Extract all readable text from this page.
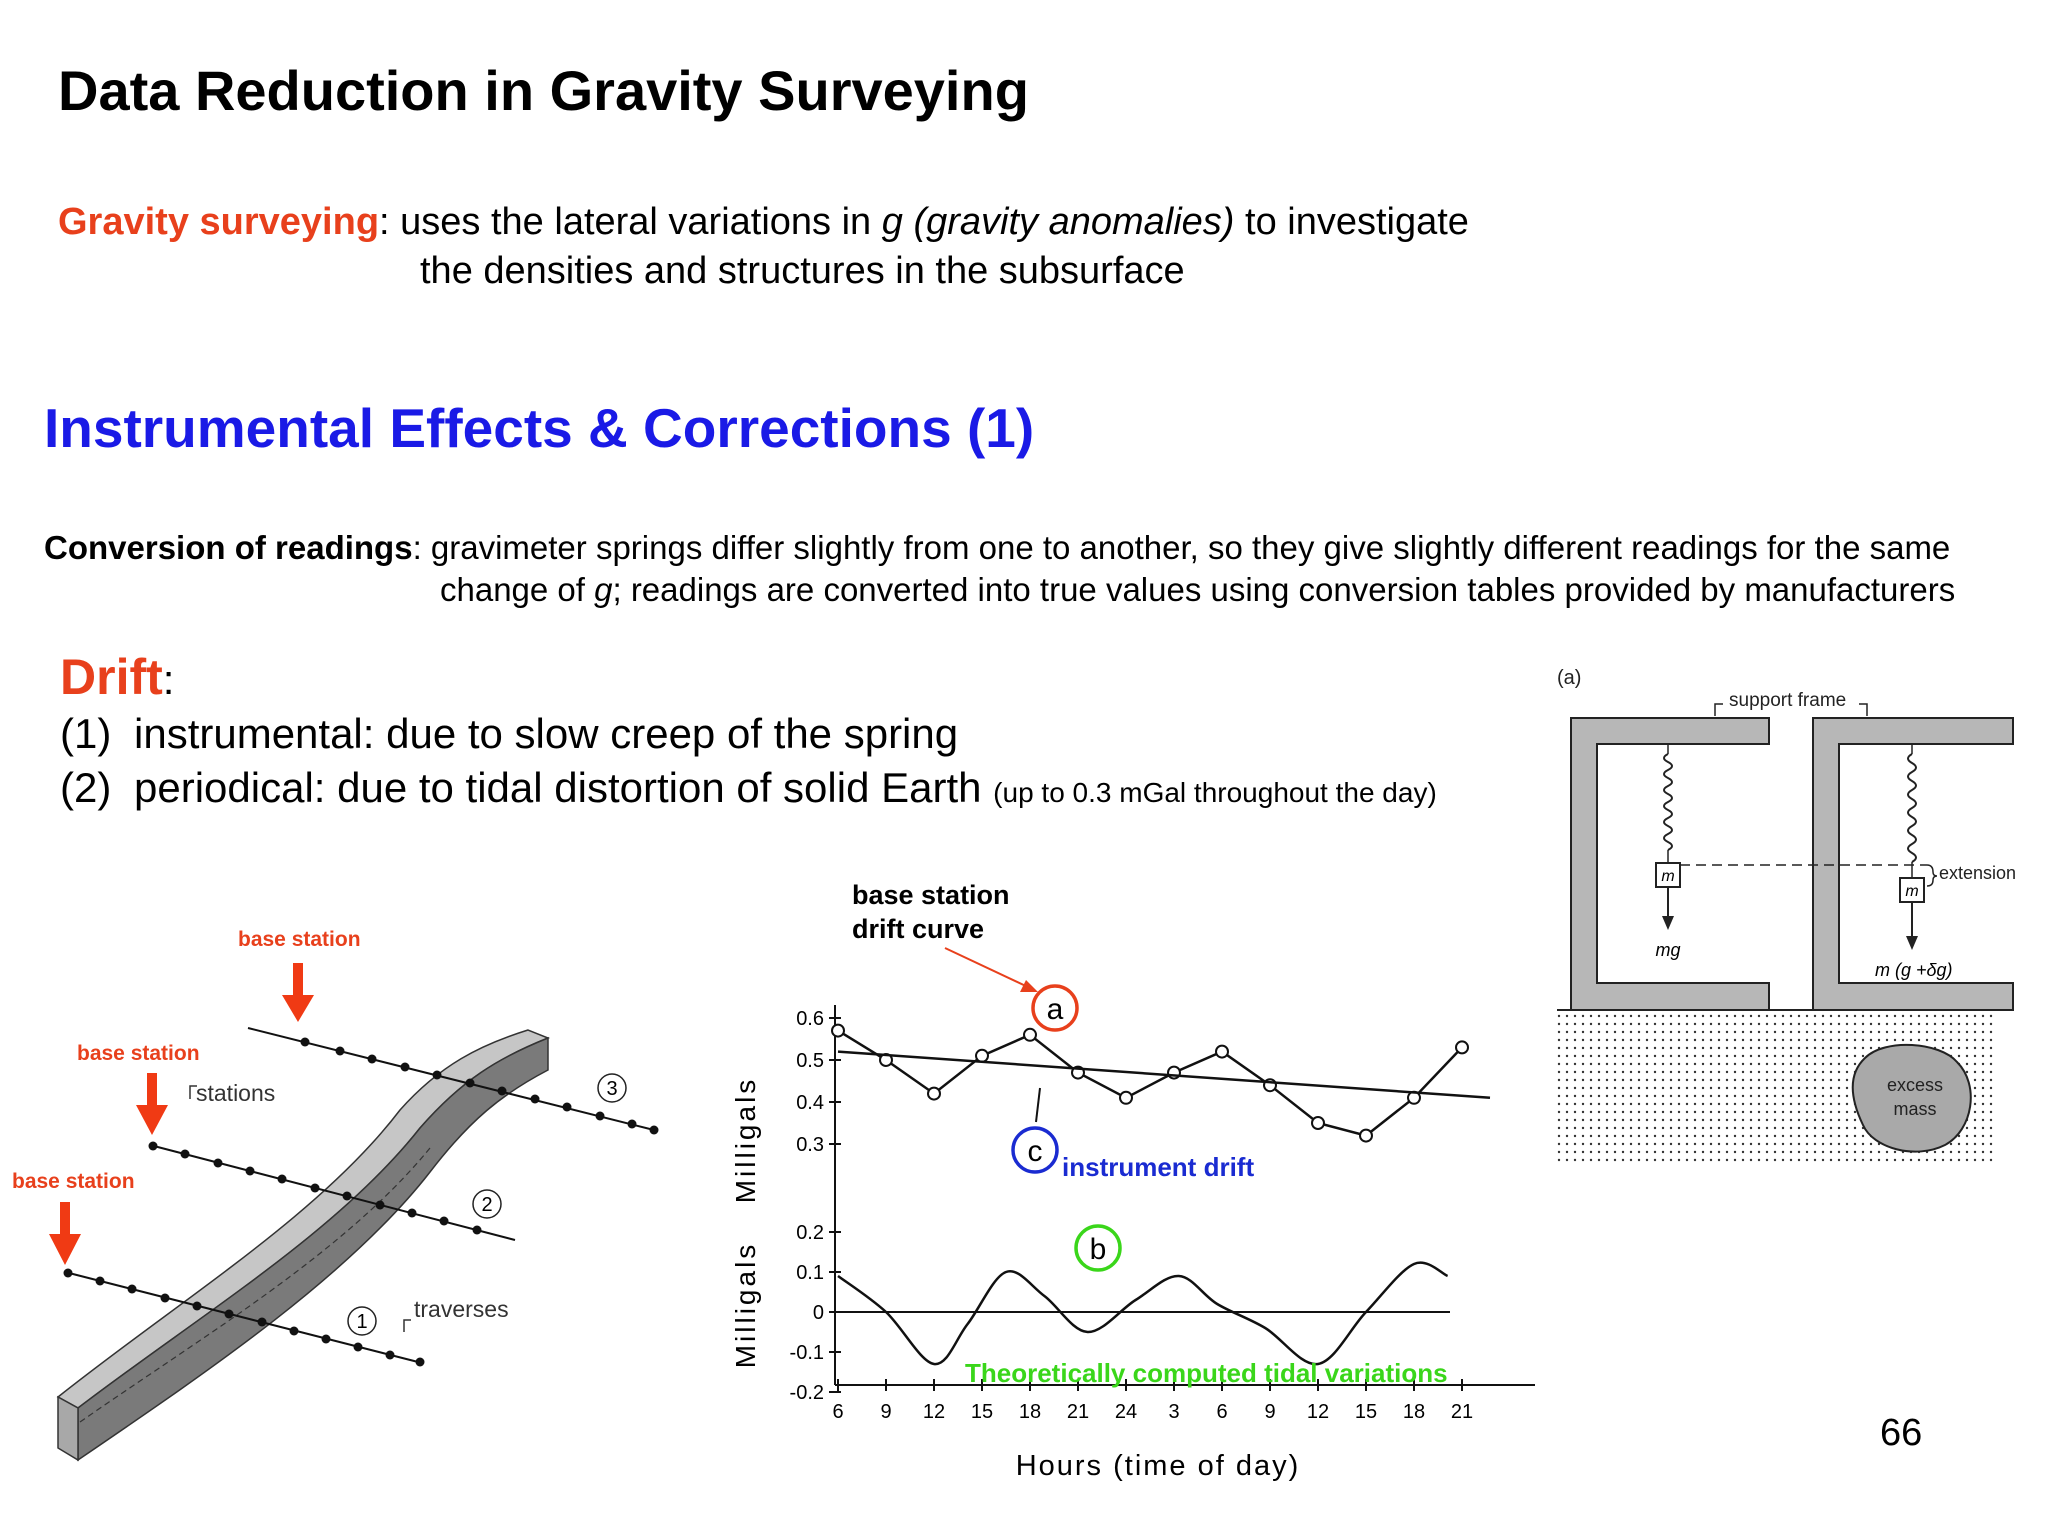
Data Reduction in Gravity Surveying
Gravity surveying: uses the lateral variations in g (gravity anomalies) to investigate
the densities and structures in the subsurface
Instrumental Effects & Corrections (1)
Conversion of readings: gravimeter springs differ slightly from one to another, so they give slightly different readings for the same
change of g; readings are converted into true values using conversion tables provided by manufacturers
Drift:
(1) instrumental: due to slow creep of the spring
(2) periodical: due to tidal distortion of solid Earth (up to 0.3 mGal throughout the day)
base station
base station
base station
stations
traverses
3
2
1
base station
drift curve
0.6
0.5
0.4
0.3
Milligals
a
c instrument drift
b
0.2
0.1
0
-0.1
-0.2
6 9 12 15 18 21 24 3 6 9 12 15 18 21
Milligals
Theoretically computed tidal variations
Hours (time of day)
(a)
support frame
excess
mass
m
mg
m
m (g +δg)
extension
66
